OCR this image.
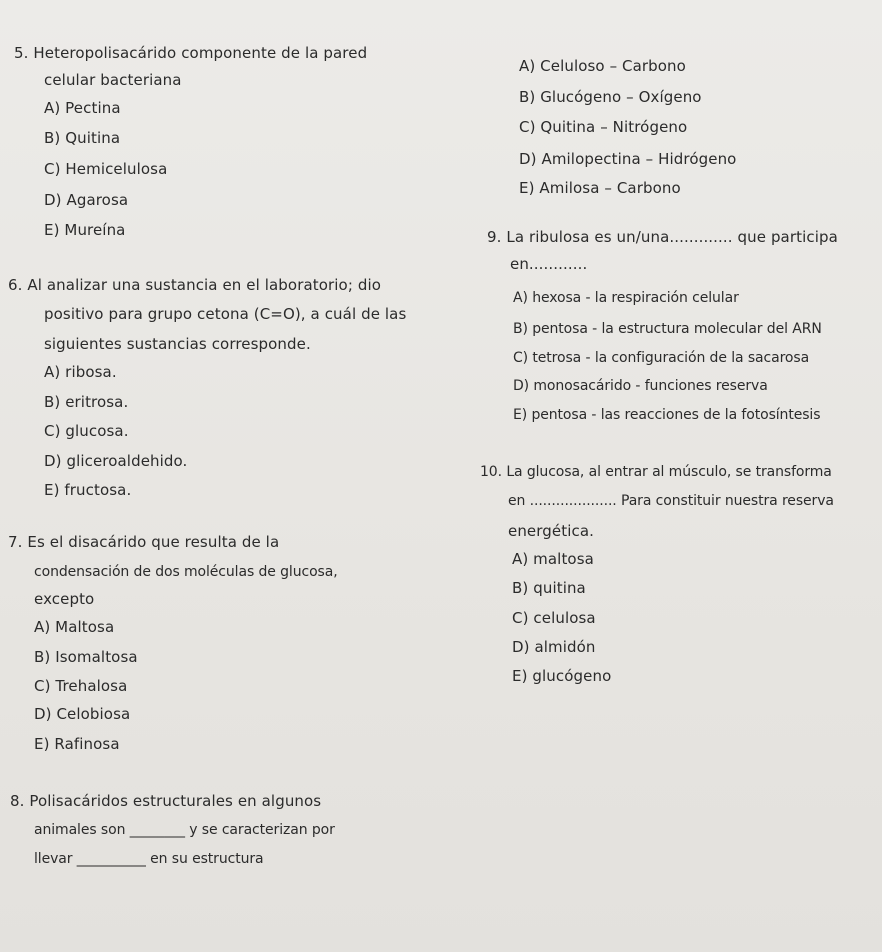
5. Heteropolisacárido componente de la pared
celular bacteriana
A) Pectina
B) Quitina
C) Hemicelulosa
D) Agarosa
E) Mureína
A) Celuloso – Carbono
B) Glucógeno – Oxígeno
C) Quitina – Nitrógeno
D) Amilopectina – Hidrógeno
E) Amilosa – Carbono
9. La ribulosa es un/una............. que participa
en............
A) hexosa - la respiración celular
B) pentosa - la estructura molecular del ARN
C) tetrosa - la configuración de la sacarosa
D) monosacárido - funciones reserva
E) pentosa - las reacciones de la fotosíntesis
6. Al analizar una sustancia en el laboratorio; dio
positivo para grupo cetona (C=O), a cuál de las
siguientes sustancias corresponde.
A) ribosa.
B) eritrosa.
C) glucosa.
D) gliceroaldehido.
E) fructosa.
10. La glucosa, al entrar al músculo, se transforma
en .................... Para constituir nuestra reserva
energética.
A) maltosa
B) quitina
C) celulosa
D) almidón
E) glucógeno
7. Es el disacárido que resulta de la
condensación de dos moléculas de glucosa,
excepto
A) Maltosa
B) Isomaltosa
C) Trehalosa
D) Celobiosa
E) Rafinosa
8. Polisacáridos estructurales en algunos
animales son ________ y se caracterizan por
llevar __________ en su estructura
